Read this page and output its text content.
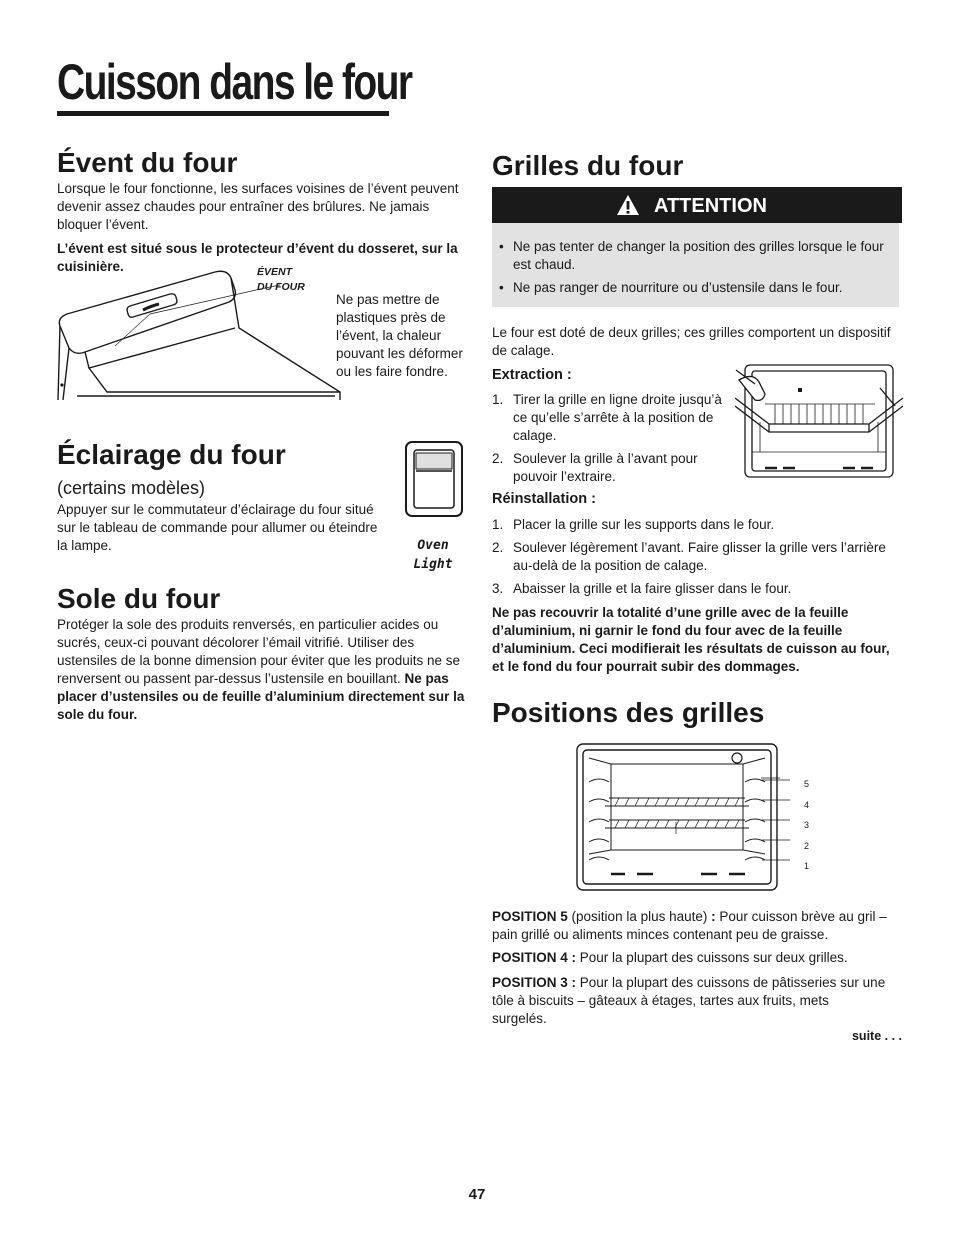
Cuisson dans le four
Évent du four

Lorsque le four fonctionne, les surfaces voisines de l’évent peuvent devenir assez chaudes pour entraîner des brûlures. Ne jamais bloquer l’évent.

L’évent est situé sous le protecteur d’évent du dosseret, sur la cuisinière.	ÉVENT
DU FOUR

Ne pas mettre de plastiques près de l’évent, la chaleur pouvant les déformer ou les faire fondre.

Éclairage du four

(certains modèles)

Appuyer sur le commutateur d’éclairage du four situé sur le tableau de commande pour allumer ou éteindre la lampe.	Oven
Light
Sole du four

Protéger la sole des produits renversés, en particulier acides ou sucrés, ceux-ci pouvant décolorer l’émail vitrifié. Utiliser des ustensiles de la bonne dimension pour éviter que les produits ne se renversent ou passent par-dessus l’ustensile en bouillant. Ne pas placer d’ustensiles ou de feuille d’aluminium directement sur la sole du four.

Grilles du four
ATTENTION
• Ne pas tenter de changer la position des grilles lorsque le four est chaud.
• Ne pas ranger de nourriture ou d’ustensile dans le four.

Le four est doté de deux grilles; ces grilles comportent un dispositif de calage.

Extraction :
1. Tirer la grille en ligne droite jusqu’à ce qu’elle s’arrête à la position de calage.
2. Soulever la grille à l’avant pour pouvoir l’extraire.
Réinstallation :
1. Placer la grille sur les supports dans le four.
2. Soulever légèrement l’avant. Faire glisser la grille vers l’arrière au-delà de la position de calage.
3. Abaisser la grille et la faire glisser dans le four.

Ne pas recouvrir la totalité d’une grille avec de la feuille d’aluminium, ni garnir le fond du four avec de la feuille d’aluminium. Ceci modifierait les résultats de cuisson au four, et le fond du four pourrait subir des dommages.

Positions des grilles
5
4
3
2
1

POSITION 5 (position la plus haute) : Pour cuisson brève au gril – pain grillé ou aliments minces contenant peu de graisse.

POSITION 4 : Pour la plupart des cuissons sur deux grilles.

POSITION 3 : Pour la plupart des cuissons de pâtisseries sur une tôle à biscuits – gâteaux à étages, tartes aux fruits, mets surgelés.

suite . . .
47
